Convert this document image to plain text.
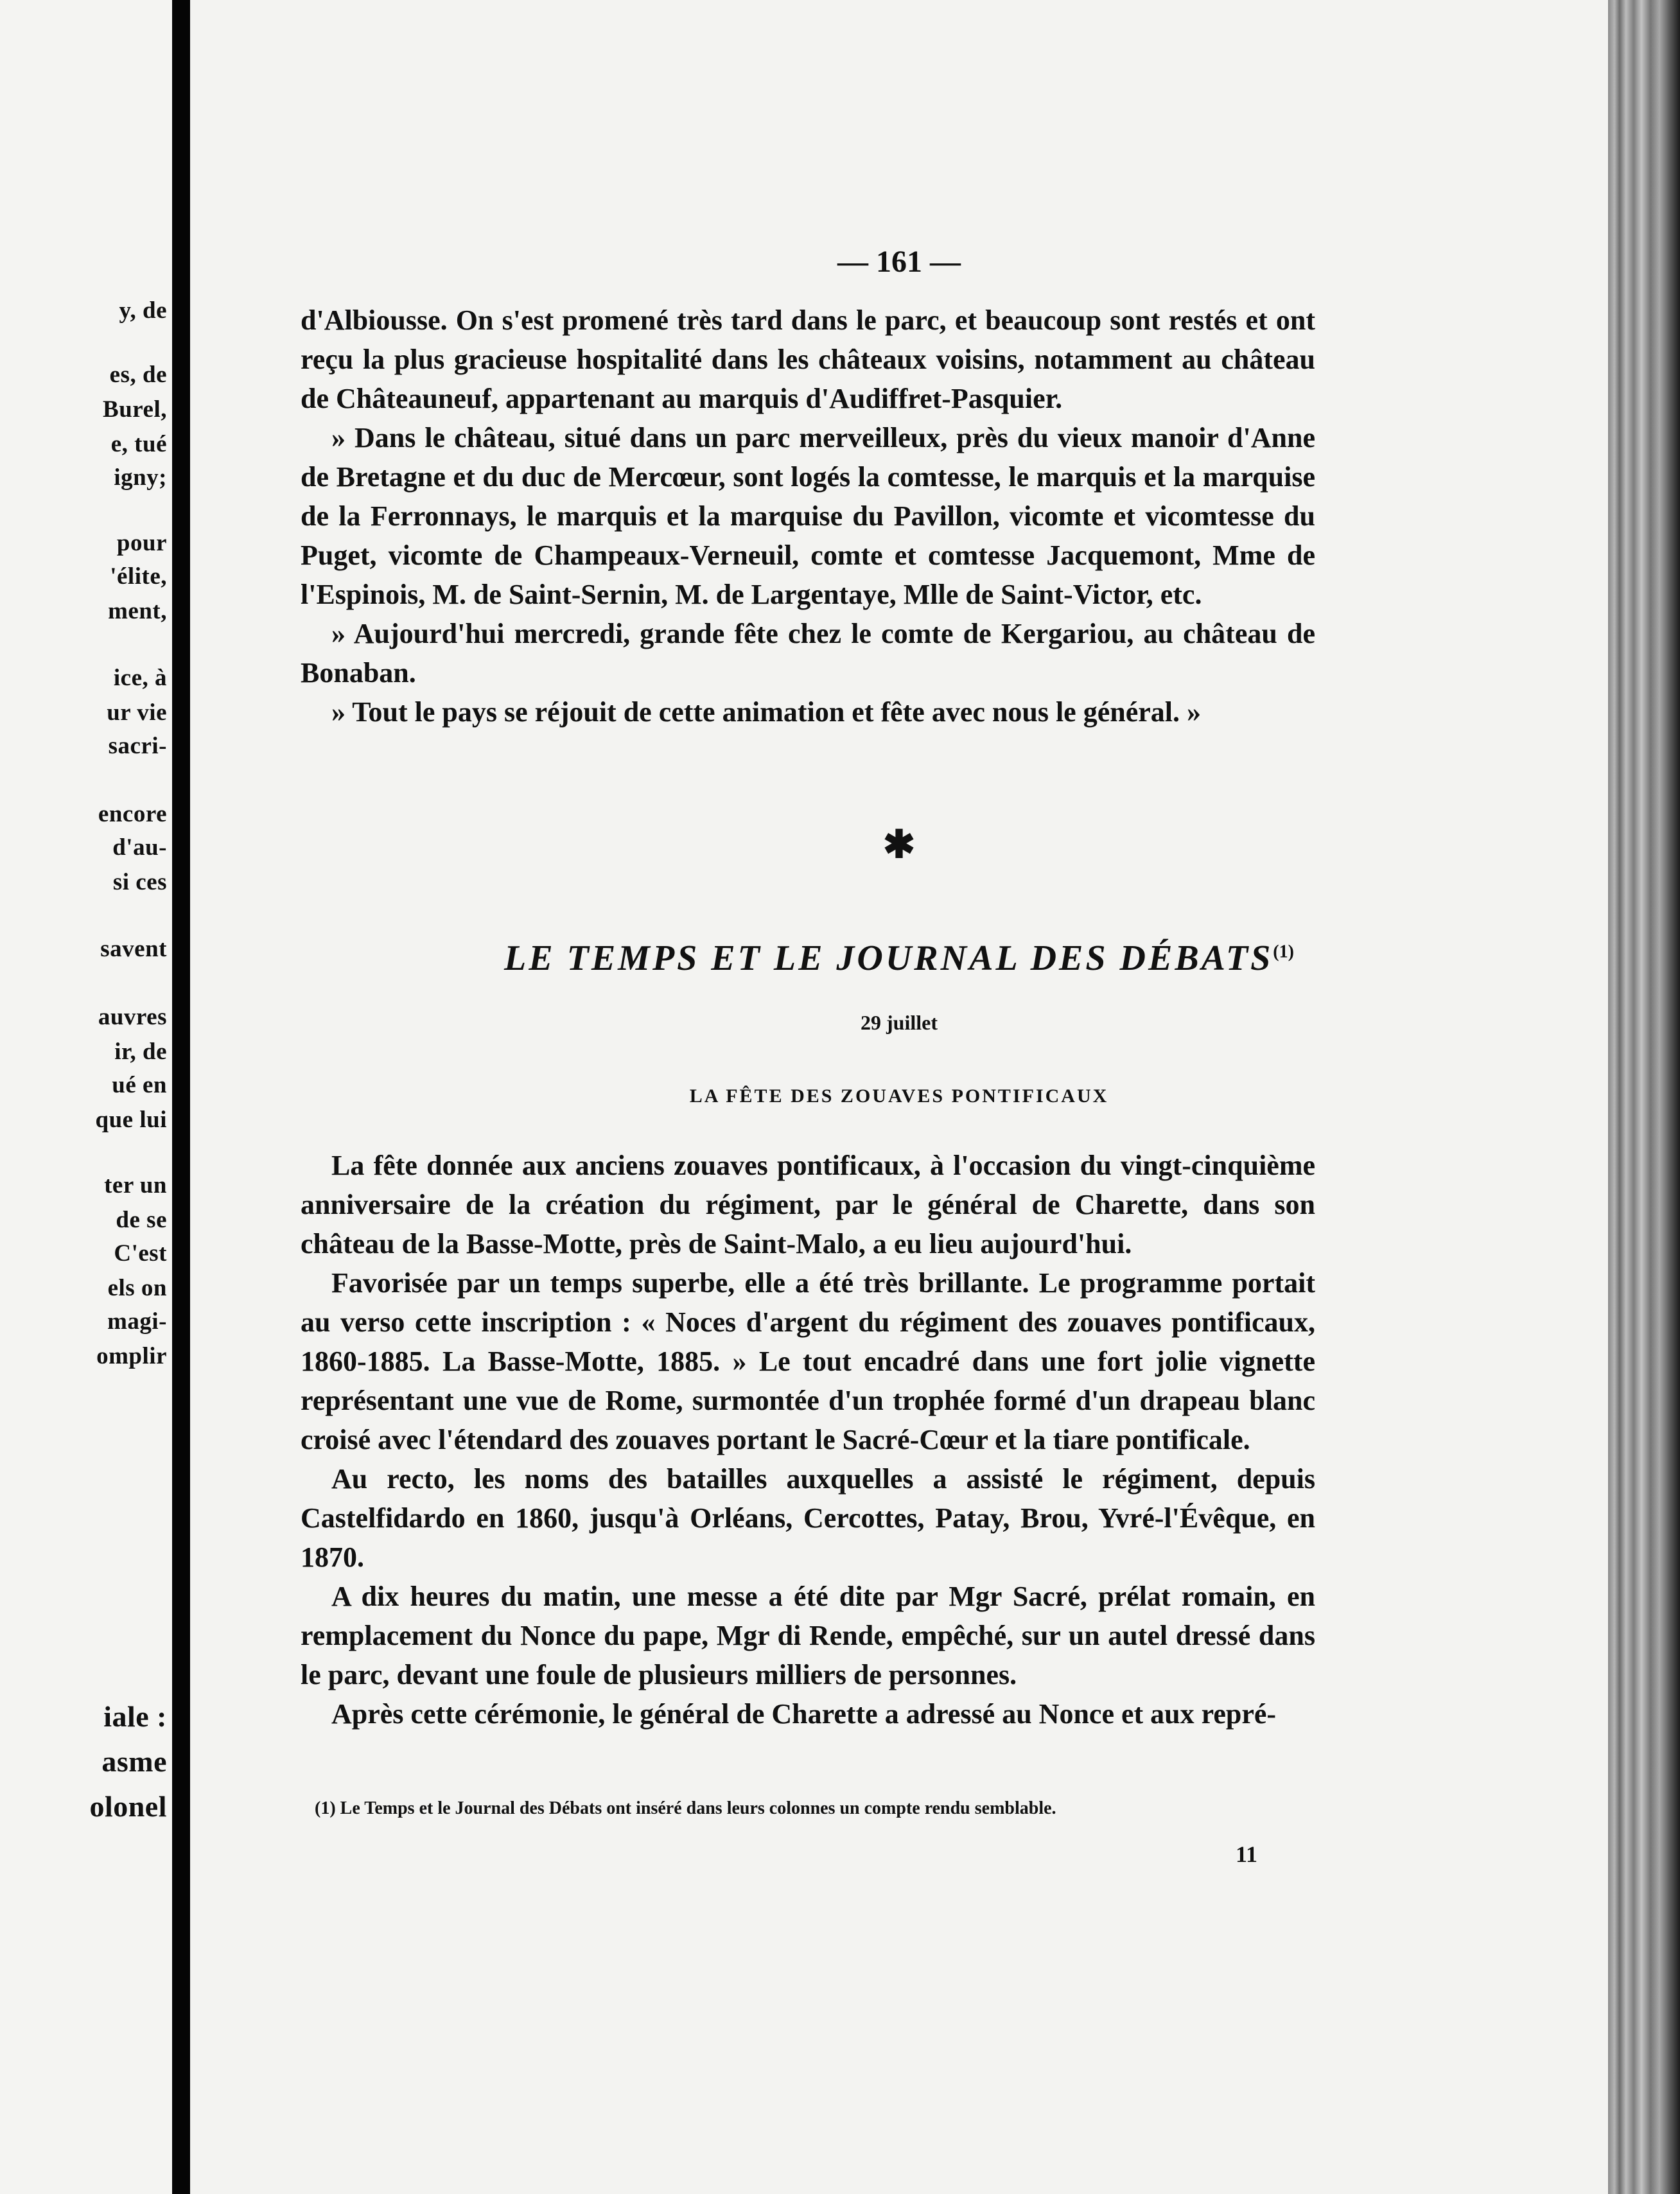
y, de
es, de
Burel,
e, tué
igny;
pour
'élite,
ment,
ice, à
ur vie
sacri-
encore
d'au-
si ces
savent
auvres
ir, de
ué en
que lui
ter un
de se
C'est
els on
magi-
omplir
iale :
asme
olonel
— 161 —

d'Albiousse. On s'est promené très tard dans le parc, et beaucoup sont restés et ont reçu la plus gracieuse hospitalité dans les châteaux voisins, notamment au château de Châteauneuf, appartenant au marquis d'Audiffret-Pasquier.

» Dans le château, situé dans un parc merveilleux, près du vieux manoir d'Anne de Bretagne et du duc de Mercœur, sont logés la comtesse, le marquis et la marquise de la Ferronnays, le marquis et la marquise du Pavillon, vicomte et vicomtesse du Puget, vicomte de Champeaux-Verneuil, comte et comtesse Jacquemont, Mme de l'Espinois, M. de Saint-Sernin, M. de Largentaye, Mlle de Saint-Victor, etc.

» Aujourd'hui mercredi, grande fête chez le comte de Kergariou, au château de Bonaban.

» Tout le pays se réjouit de cette animation et fête avec nous le général. »

✱
LE TEMPS ET LE JOURNAL DES DÉBATS$^{(1)}$
29 juillet
LA FÊTE DES ZOUAVES PONTIFICAUX

La fête donnée aux anciens zouaves pontificaux, à l'occasion du vingt-cinquième anniversaire de la création du régiment, par le général de Charette, dans son château de la Basse-Motte, près de Saint-Malo, a eu lieu aujourd'hui.

Favorisée par un temps superbe, elle a été très brillante. Le programme portait au verso cette inscription : « Noces d'argent du régiment des zouaves pontificaux, 1860-1885. La Basse-Motte, 1885. » Le tout encadré dans une fort jolie vignette représentant une vue de Rome, surmontée d'un trophée formé d'un drapeau blanc croisé avec l'étendard des zouaves portant le Sacré-Cœur et la tiare pontificale.

Au recto, les noms des batailles auxquelles a assisté le régiment, depuis Castelfidardo en 1860, jusqu'à Orléans, Cercottes, Patay, Brou, Yvré-l'Évêque, en 1870.

A dix heures du matin, une messe a été dite par Mgr Sacré, prélat romain, en remplacement du Nonce du pape, Mgr di Rende, empêché, sur un autel dressé dans le parc, devant une foule de plusieurs milliers de personnes.

Après cette cérémonie, le général de Charette a adressé au Nonce et aux repré-

(1) Le Temps et le Journal des Débats ont inséré dans leurs colonnes un compte rendu semblable.
11
